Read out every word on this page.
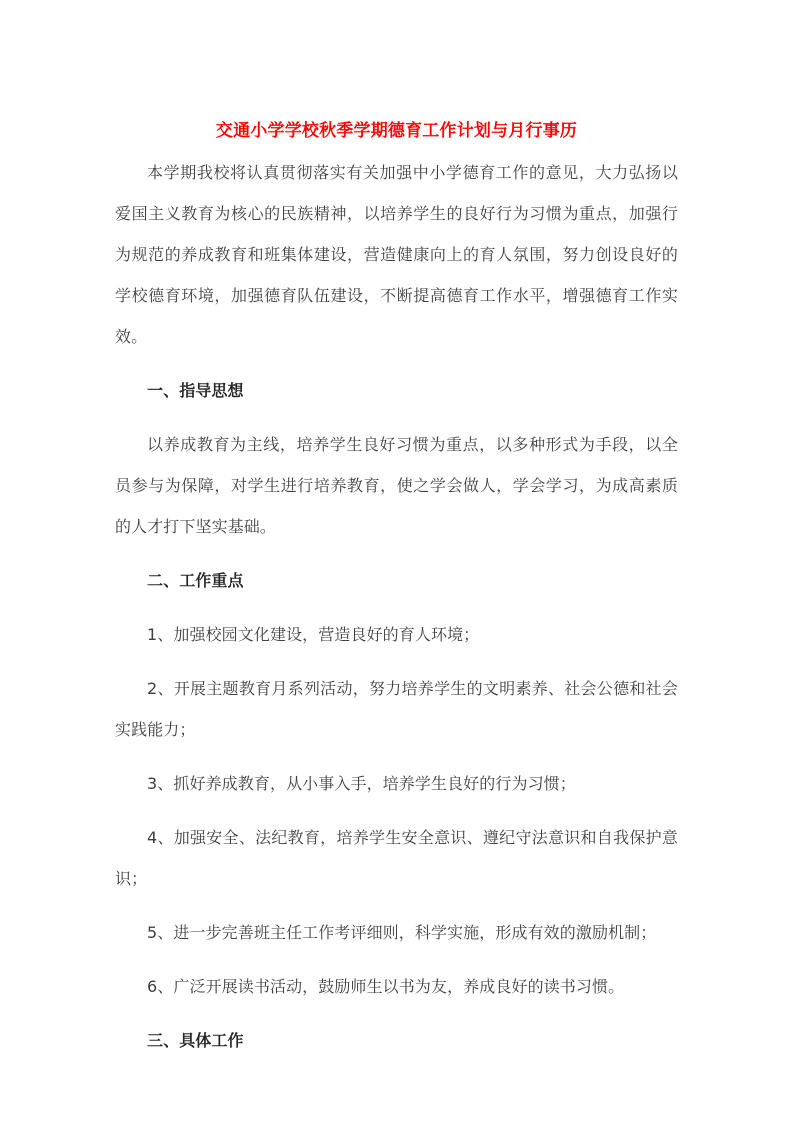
交通小学学校秋季学期德育工作计划与月行事历

本学期我校将认真贯彻落实有关加强中小学德育工作的意见，大力弘扬以爱国主义教育为核心的民族精神，以培养学生的良好行为习惯为重点，加强行为规范的养成教育和班集体建设，营造健康向上的育人氛围，努力创设良好的学校德育环境，加强德育队伍建设，不断提高德育工作水平，增强德育工作实效。

一、指导思想

以养成教育为主线，培养学生良好习惯为重点，以多种形式为手段，以全员参与为保障，对学生进行培养教育，使之学会做人，学会学习，为成高素质的人才打下坚实基础。

二、工作重点

1、加强校园文化建设，营造良好的育人环境；

2、开展主题教育月系列活动，努力培养学生的文明素养、社会公德和社会实践能力；

3、抓好养成教育，从小事入手，培养学生良好的行为习惯；

4、加强安全、法纪教育，培养学生安全意识、遵纪守法意识和自我保护意识；

5、进一步完善班主任工作考评细则，科学实施，形成有效的激励机制；

6、广泛开展读书活动，鼓励师生以书为友，养成良好的读书习惯。

三、具体工作
